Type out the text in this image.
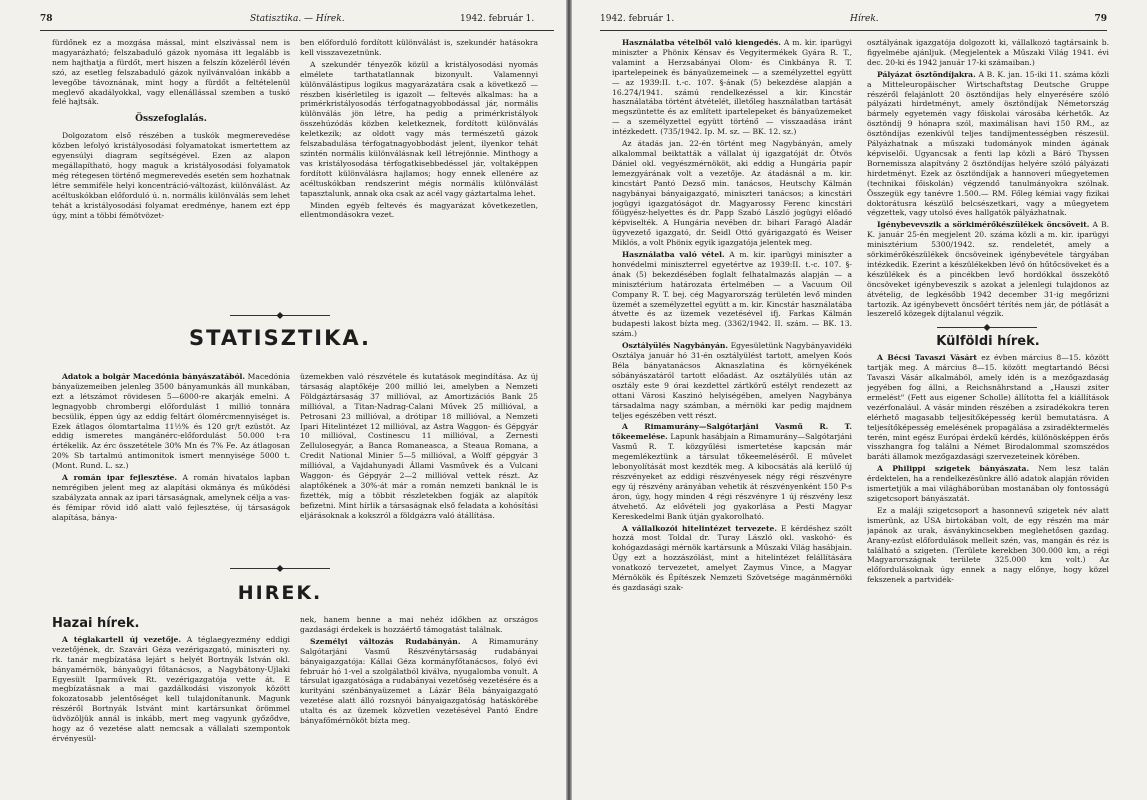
78	Statisztika. — Hírek.	1942. február 1.

fürdőnek ez a mozgása mással, mint elszivással nem is magyarázható; felszabaduló gázok nyomása itt legalább is nem hajthatja a fürdőt, mert hiszen a felszín közeléről lévén szó, az esetleg felszabaduló gázok nyilvánvalóan inkább a levegőbe távoznának, mint hogy a fürdőt a feltételenül meglevő akadályokkal, vagy ellenállással szemben a tuskó felé hajtsák.

Összefoglalás.

Dolgozatom első részében a tuskók megmerevedése közben lefolyó kristályosodási folyamatokat ismertettem az egyensúlyi diagram segítségével. Ezen az alapon megállapítható, hogy maguk a kristályosodási folyamatok még rétegesen történő megmerevedés esetén sem hozhatnak létre semmiféle helyi koncentráció-változást, különválást. Az acéltuskókban előforduló ú. n. normális különválás sem lehet tehát a kristályosodási folyamat eredménye, hanem ezt épp úgy, mint a többi fémötvözet-

ben előforduló fordított különválást is, szekundér hatásokra kell visszavezetnünk.

A szekundér tényezők közül a kristályosodási nyomás elmélete tarthatatlannak bizonyult. Valamennyi különválástipus logikus magyarázatára csak a következő — részben kisérletileg is igazolt — feltevés alkalmas: ha a primérkristályosodás térfogatnagyobbodással jár, normális különválás jön létre, ha pedig a primérkristályok összehúzódás közben keletkeznek, fordított különválás keletkezik; az oldott vagy más természetű gázok felszabadulása térfogatnagyobbodást jelent, ilyenkor tehát szintén normális különválásnak kell létrejönnie. Minthogy a vas kristályosodása térfogatkisebbedéssel jár, voltaképpen fordított különválásra hajlamos; hogy ennek ellenére az acéltuskókban rendszerint mégis normális különválást tapasztalunk, annak oka csak az acél vagy gáztartalma lehet.

Minden egyéb feltevés és magyarázat következetlen, ellentmondásokra vezet.

STATISZTIKA.

Adatok a bolgár Macedónia bányászatából. Macedónia bányaüzemeiben jelenleg 3500 bányamunkás áll munkában, ezt a létszámot rövidesen 5—6000-re akarják emelni. A legnagyobb chrombergi előfordulást 1 millió tonnára becsülik, éppen úgy az eddig feltárt ólomércmennyiséget is. Ezek átlagos ólomtartalma 11½% és 120 gr/t ezüstöt. Az eddig ismeretes mangánérc-előfordulást 50.000 t-ra értékelik. Az érc összetétele 30% Mn és 7% Fe. Az átlagosan 20% Sb tartalmú antimonitok ismert mennyisége 5000 t. (Mont. Rund. L. sz.)

A román ipar fejlesztése. A román hivatalos lapban nemrégiben jelent meg az alapítási okmánya és működési szabályzata annak az ipari társaságnak, amelynek célja a vas- és fémipar rövid idő alatt való fejlesztése, új társaságok alapítása, bánya-

üzemekben való részvétele és kutatások megindítása. Az új társaság alaptőkéje 200 millió lei, amelyben a Nemzeti Földgáztársaság 37 millióval, az Amortizációs Bank 25 millióval, a Titan-Nadrag-Calani Művek 25 millióval, a Petrosani 23 millióval, a drótipar 18 millióval, a Nemzeti Ipari Hitelintézet 12 millióval, az Astra Waggon- és Gépgyár 10 millióval, Costinescu 11 millióval, a Zernesti Zellulosegyár, a Banca Romaneasca, a Steaua Romana, a Credit National Minier 5—5 millióval, a Wolff gépgyár 3 millióval, a Vajdahunyadi Állami Vasművek és a Vulcani Waggon- és Gépgyár 2—2 millióval vettek részt. Az alaptőkének a 30%-át már a román nemzeti banknál le is fizették, míg a többit részletekben fogják az alapítók befizetni. Mint hírlik a társaságnak első feladata a kohósítási eljárásoknak a kokszról a földgázra való átállítása.

HIREK.
Hazai hírek.

A téglakartell új vezetője. A téglaegyezmény eddigi vezetőjének, dr. Szavári Géza vezérigazgató, miniszteri ny. rk. tanár megbízatása lejárt s helyét Bortnyák István okl. bányamérnök, bányaügyi főtanácsos, a Nagybátony-Ujlaki Egyesült Iparművek Rt. vezérigazgatója vette át. E megbízatásnak a mai gazdálkodási viszonyok között fokozatosabb jelentőséget kell tulajdonítanunk. Magunk részéről Bortnyák Istvánt mint kartársunkat örömmel üdvözöljük annál is inkább, mert meg vagyunk győződve, hogy az ő vezetése alatt nemcsak a vállalati szempontok érvényesül-

nek, hanem benne a mai nehéz időkben az országos gazdasági érdekek is hozzáértő támogatást találnak.

Személyi változás Rudabányán. A Rimamurány Salgótarjáni Vasmű Részvénytársaság rudabányai bányaigazgatója: Kállai Géza kormányfőtanácsos, folyó évi február hó 1-vel a szolgálatból kiválva, nyugalomba vonult. A társulat igazgatósága a rudabányai vezetőség vezetésére és a kurityáni szénbányaüzemet a Lázár Béla bányaigazgató vezetése alatt álló rozsnyói bányaigazgatóság hatáskörébe utalta és az üzemek közvetlen vezetésével Pantó Endre bányafőmérnököt bízta meg.

1942. február 1.	Hírek.	79

Használatba vételből való kiengedés. A m. kir. iparügyi miniszter a Phönix Kénsav és Vegyitermékek Gyára R. T., valamint a Herzsabányai Olom- és Cinkbánya R. T. ipartelepeinek és bányaüzemeinek — a személyzettel együtt — az 1939:II. t.-c. 107. §-ának (5) bekezdése alapján a 16.274/1941. számú rendelkezéssel a kir. Kincstár használatába történt átvételét, illetőleg használatban tartását megszüntette és az említett ipartelepeket és bányaüzemeket — a személyzettel együtt történő — visszaadása iránt intézkedett. (735/1942. Ip. M. sz. — BK. 12. sz.)

Az átadás jan. 22-én történt meg Nagybányán, amely alkalommal beiktatták a vállalat új igazgatóját dr. Ötvös Dániel okl. vegyészmérnököt, aki eddig a Hungária papír lemezgyárának volt a vezetője. Az átadásnál a m. kir. kincstárt Pantó Dezső min. tanácsos, Heutschy Kálmán nagybányai bányaigazgató, miniszteri tanácsos; a kincstári jogügyi igazgatóságot dr. Magyarossy Ferenc kincstári főügyész-helyettes és dr. Papp Szabó László jogügyi előadó képviselték. A Hungária nevében dr. bihari Faragó Aladár ügyvezető igazgató, dr. Seidl Ottó gyárigazgató és Weiser Miklós, a volt Phönix egyik igazgatója jelentek meg.

Használatba való vétel. A m. kir. iparügyi miniszter a honvédelmi miniszterrel egyetértve az 1939:II. t.-c. 107. §-ának (5) bekezdésében foglalt felhatalmazás alapján — a minisztérium határozata értelmében — a Vacuum Oil Company R. T. bej. cég Magyarország területén levő minden üzemét a személyzettel együtt a m. kir. Kincstár használatába átvette és az üzemek vezetésével ifj. Farkas Kálmán budapesti lakost bízta meg. (3362/1942. II. szám. — BK. 13. szám.)

Osztályülés Nagybányán. Egyesületünk Nagybányavidéki Osztálya január hó 31-én osztályülést tartott, amelyen Koós Béla bányatanácsos Aknaszlatina és környékének sóbányászatáról tartott előadást. Az osztályülés után az osztály este 9 órai kezdettel zártkörű estélyt rendezett az ottani Városi Kaszinó helyiségében, amelyen Nagybánya társadalma nagy számban, a mérnöki kar pedig majdnem teljes egészében vett részt.

A Rimamurány—Salgótarjáni Vasmű R. T. tőkeemelése. Lapunk hasábjain a Rimamurány—Salgótarjáni Vasmű R. T. közgyűlési ismertetése kapcsán már megemlékeztünk a társulat tőkeemeléséről. E művelet lebonyolítását most kezdték meg. A kibocsátás alá kerülő új részvényeket az eddigi részvényesek négy régi részvényre egy új részvény arányában vehetik át részvényenként 150 P-s áron, úgy, hogy minden 4 régi részvényre 1 új részvény lesz átvehető. Az elővételi jog gyakorlása a Pesti Magyar Kereskedelmi Bank útján gyakorolható.

A vállalkozói hitelintézet tervezete. E kérdéshez szólt hozzá most Toldal dr. Turay László okl. vaskohó- és kohógazdasági mérnök kartársunk a Műszaki Világ hasábjain. Úgy ezt a hozzászólást, mint a hitelintézet felállítására vonatkozó tervezetet, amelyet Zaymus Vince, a Magyar Mérnökök és Építészek Nemzeti Szövetsége magánmérnöki és gazdasági szak-

osztályának igazgatója dolgozott ki, vállalkozó tagtársaink b. figyelmébe ajánljuk. (Megjelentek a Műszaki Világ 1941. évi dec. 20-ki és 1942 január 17-ki számaiban.)

Pályázat ösztöndíjakra. A B. K. jan. 15-iki 11. száma közli a Mitteleuropäischer Wirtschaftstag Deutsche Gruppe részéről felajánlott 20 ösztöndíjas hely elnyerésére szóló pályázati hirdetményt, amely ösztöndíjak Németország bármely egyetemén vagy főiskolai városába kérhetők. Az ösztöndíj 9 hónapra szól, maximálisan havi 150 RM., az ösztöndíjas ezenkívül teljes tandíjmentességben részesül. Pályázhatnak a műszaki tudományok minden ágának képviselői. Ugyancsak a fenti lap közli a Báró Thyssen Bornemissza alapítvány 2 ösztöndíjas helyére szóló pályázati hirdetményt. Ezek az ösztöndíjak a hannoveri műegyetemen (technikai főiskolán) végzendő tanulmányokra szólnak. Összegük egy tanévre 1.500.— RM. Főleg kémiai vagy fizikai doktorátusra készülő belcsészetkari, vagy a műegyetem végzettek, vagy utolsó éves hallgatók pályázhatnak.

Igénybevevszik a sörkimérőkészülékek öncsöveit. A B. K. január 25-én megjelent 20. száma közli a m. kir. iparügyi minisztérium 5300/1942. sz. rendeletét, amely a sörkimérőkészülékek öncsöveinek igénybevétele tárgyában intézkedik. Ezerint a készülékekben lévő ón hűtőcsöveket és a készülékek és a pincékben levő hordókkal összekötő öncsöveket igénybeveszik s azokat a jelenlegi tulajdonos az átvételig, de legkésőbb 1942 december 31-ig megőrizni tartozik. Az igénybevett öncsőért térítés nem jár, de pótlását a leszerelő közegek díjtalanul végzik.

Külföldi hírek.

A Bécsi Tavaszi Vásárt ez évben március 8—15. között tartják meg. A március 8—15. között megtartandó Bécsi Tavaszi Vásár alkalmából, amely idén is a mezőgazdaság jegyében fog állni, a Reichsnährstand a „Hauszi zsiter ermelést" (Fett aus eigener Scholle) állította fel a kiállítások vezérfonalául. A vásár minden részében a zsiradékokra teren elérhető magasabb teljesítőképesség kerül bemutatásra. A teljesítőképesség emelésének propagálása a zsiradéktermelés terén, mint egész Európai érdekű kérdés, különösképpen érős visszhangra fog találni a Német Birodalommal szomszédos baráti államok mezőgazdasági szervezeteinek körében.

A Philippi szigetek bányászata. Nem lesz talán érdektelen, ha a rendelkezésünkre álló adatok alapján röviden ismertetjük a mai világháborúban mostanában oly fontosságú szigetcsoport bányászatát.

Ez a maláji szigetcsoport a hasonnevű szigetek név alatt ismerünk, az USA birtokában volt, de egy részén ma már japánok az urak, ásványkincsekben meglehetősen gazdag. Arany-ezüst előfordulások melleit szén, vas, mangán és réz is található a szigeten. (Területe kerekben 300.000 km, a régi Magyarországnak területe 325.000 km volt.) Az előfordulásoknak úgy ennek a nagy előnye, hogy közel fekszenek a partvidék-
